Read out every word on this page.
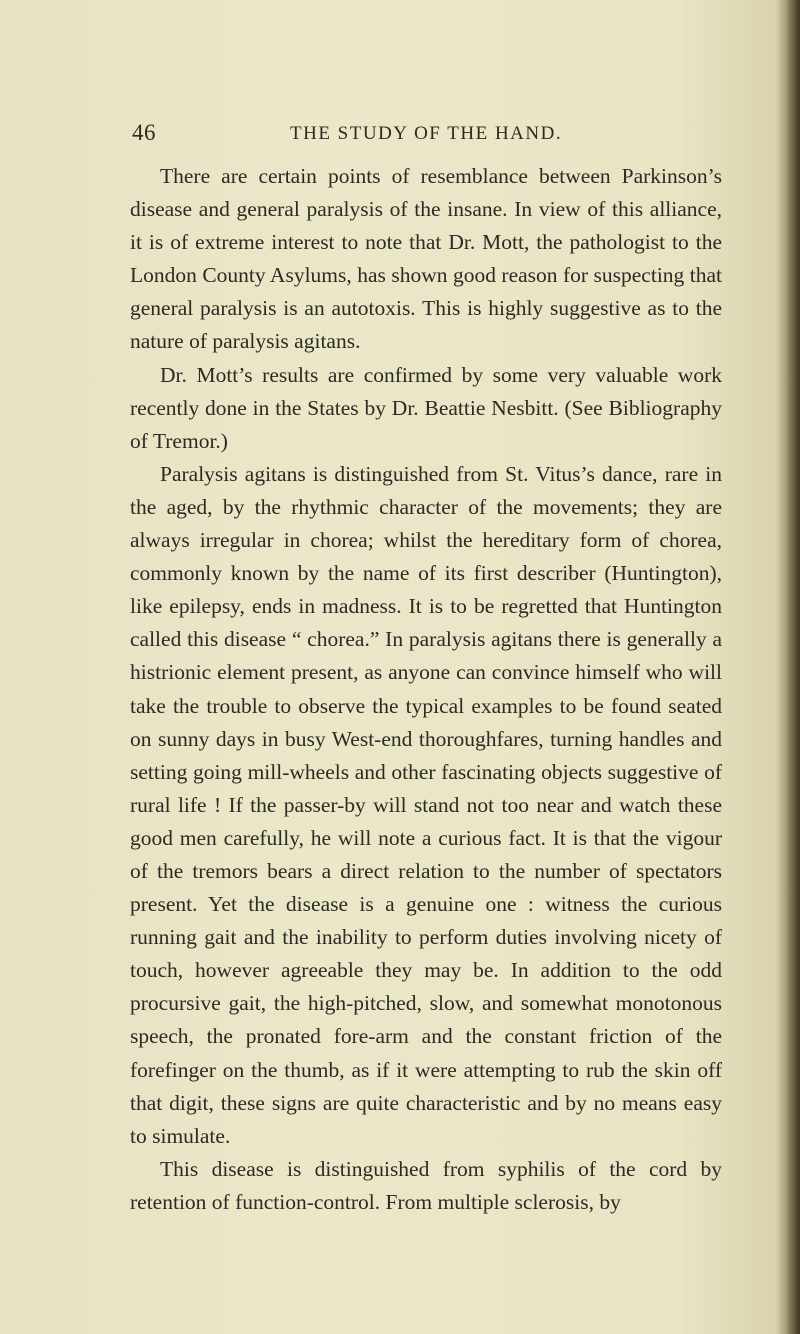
46	THE STUDY OF THE HAND.

There are certain points of resemblance between Parkinson’s disease and general paralysis of the insane. In view of this alliance, it is of extreme interest to note that Dr. Mott, the pathologist to the London County Asylums, has shown good reason for suspecting that general paralysis is an autotoxis. This is highly suggestive as to the nature of paralysis agitans.

Dr. Mott’s results are confirmed by some very valuable work recently done in the States by Dr. Beattie Nesbitt. (See Bibliography of Tremor.)

Paralysis agitans is distinguished from St. Vitus’s dance, rare in the aged, by the rhythmic character of the movements; they are always irregular in chorea; whilst the hereditary form of chorea, commonly known by the name of its first describer (Huntington), like epilepsy, ends in madness. It is to be regretted that Huntington called this disease “ chorea.” In paralysis agitans there is generally a histrionic element present, as anyone can convince himself who will take the trouble to observe the typical examples to be found seated on sunny days in busy West-end thoroughfares, turning handles and setting going mill-wheels and other fascinating objects suggestive of rural life ! If the passer-by will stand not too near and watch these good men carefully, he will note a curious fact. It is that the vigour of the tremors bears a direct relation to the number of spectators present. Yet the disease is a genuine one : witness the curious running gait and the inability to perform duties involving nicety of touch, however agreeable they may be. In addition to the odd procursive gait, the high-pitched, slow, and somewhat monotonous speech, the pronated fore-arm and the constant friction of the forefinger on the thumb, as if it were attempting to rub the skin off that digit, these signs are quite characteristic and by no means easy to simulate.

This disease is distinguished from syphilis of the cord by retention of function-control. From multiple sclerosis, by
